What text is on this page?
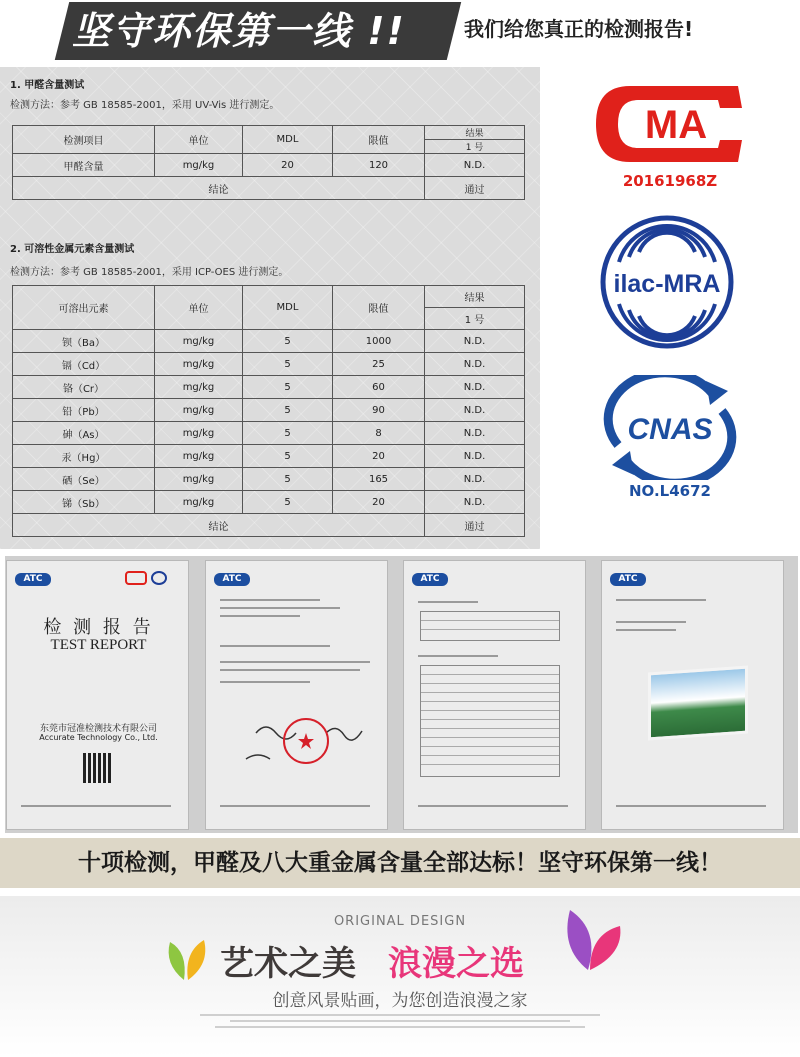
坚守环保第一线 !!	我们给您真正的检测报告!
1. 甲醛含量测试
检测方法：参考 GB 18585-2001，采用 UV-Vis 进行测定。
检测项目	单位	MDL	限值	结果
				1 号
甲醛含量	mg/kg	20	120	N.D.
结论				通过
2. 可溶性金属元素含量测试
检测方法：参考 GB 18585-2001，采用 ICP-OES 进行测定。
可溶出元素	单位	MDL	限值	结果
				1 号
钡（Ba）	mg/kg	5	1000	N.D.
镉（Cd）	mg/kg	5	25	N.D.
铬（Cr）	mg/kg	5	60	N.D.
铅（Pb）	mg/kg	5	90	N.D.
砷（As）	mg/kg	5	8	N.D.
汞（Hg）	mg/kg	5	20	N.D.
硒（Se）	mg/kg	5	165	N.D.
锑（Sb）	mg/kg	5	20	N.D.
结论				通过
MA
20161968Z
ilac-MRA
CNAS
NO.L4672
ATC
检 测 报 告
TEST REPORT
东莞市冠准检测技术有限公司
Accurate Technology Co., Ltd.
ATC	ATC	ATC
十项检测，甲醛及八大重金属含量全部达标！坚守环保第一线！
ORIGINAL DESIGN
艺术之美 浪漫之选
创意风景贴画，为您创造浪漫之家
